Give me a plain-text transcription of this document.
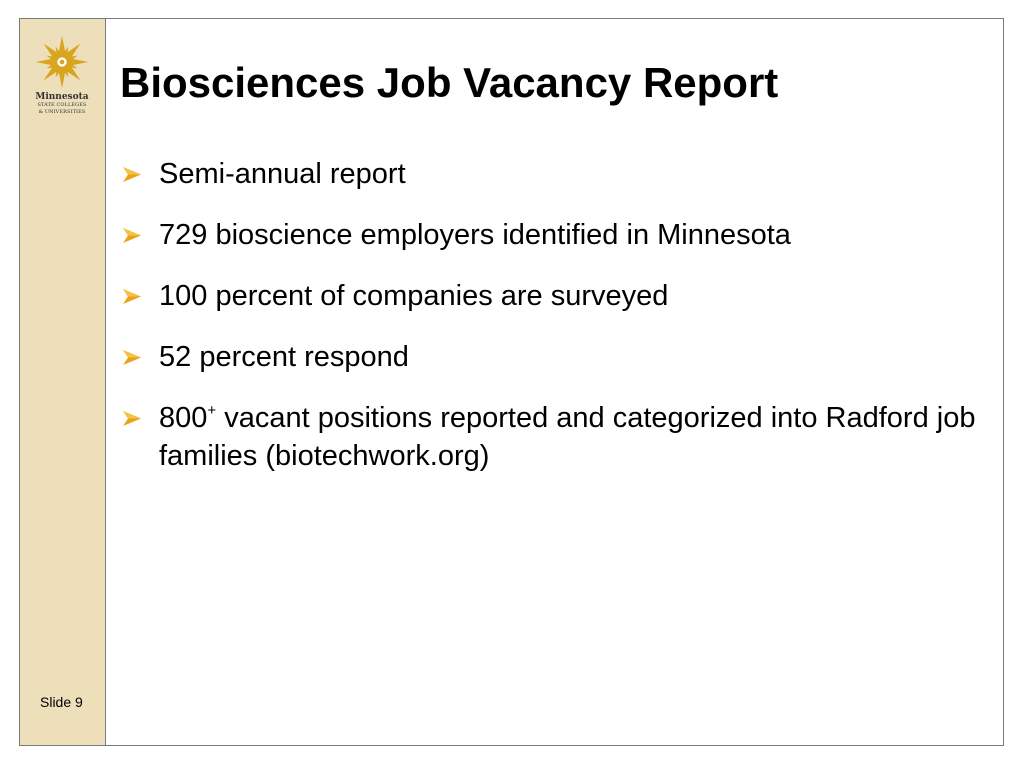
Minnesota
STATE COLLEGES
& UNIVERSITIES
Slide 9
Biosciences Job Vacancy Report
Semi-annual report
729 bioscience employers identified in Minnesota
100 percent of companies are surveyed
52 percent respond
800+ vacant positions reported and categorized into Radford job families (biotechwork.org)
